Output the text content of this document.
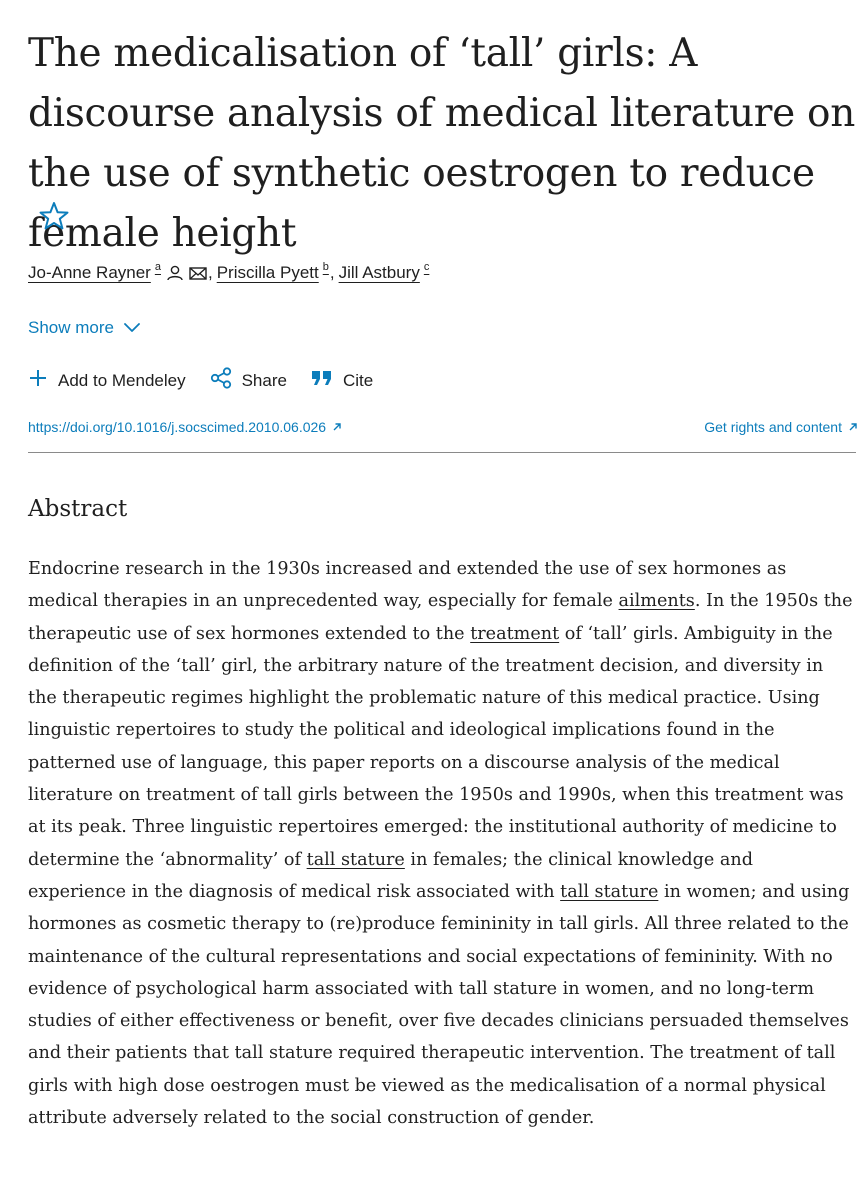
The medicalisation of ‘tall’ girls: A discourse analysis of medical literature on the use of synthetic oestrogen to reduce female height
Jo-Anne Rayner $^a$	, Priscilla Pyett $^b$ , Jill Astbury $^c$
Show more
Add to Mendeley	Share	Cite
https://doi.org/10.1016/j.socscimed.2010.06.026	Get rights and content
Abstract

Endocrine research in the 1930s increased and extended the use of sex hormones as medical therapies in an unprecedented way, especially for female ailments. In the 1950s the therapeutic use of sex hormones extended to the treatment of ‘tall’ girls. Ambiguity in the definition of the ‘tall’ girl, the arbitrary nature of the treatment decision, and diversity in the therapeutic regimes highlight the problematic nature of this medical practice. Using linguistic repertoires to study the political and ideological implications found in the patterned use of language, this paper reports on a discourse analysis of the medical literature on treatment of tall girls between the 1950s and 1990s, when this treatment was at its peak. Three linguistic repertoires emerged: the institutional authority of medicine to determine the ‘abnormality’ of tall stature in females; the clinical knowledge and experience in the diagnosis of medical risk associated with tall stature in women; and using hormones as cosmetic therapy to (re)produce femininity in tall girls. All three related to the maintenance of the cultural representations and social expectations of femininity. With no evidence of psychological harm associated with tall stature in women, and no long-term studies of either effectiveness or benefit, over five decades clinicians persuaded themselves and their patients that tall stature required therapeutic intervention. The treatment of tall girls with high dose oestrogen must be viewed as the medicalisation of a normal physical attribute adversely related to the social construction of gender.
